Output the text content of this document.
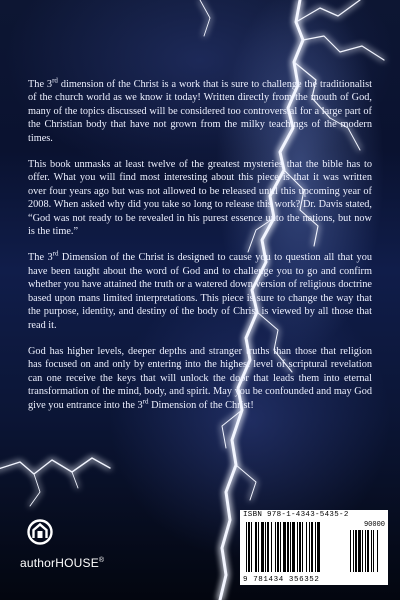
The 3rd dimension of the Christ is a work that is sure to challenge the traditionalist of the church world as we know it today! Written directly from the mouth of God, many of the topics discussed will be considered too controversial for a large part of the Christian body that have not grown from the milky teachings of the modern times.

This book unmasks at least twelve of the greatest mysteries that the bible has to offer. What you will find most interesting about this piece is that it was written over four years ago but was not allowed to be released until this upcoming year of 2008. When asked why did you take so long to release this work? Dr. Davis stated, “God was not ready to be revealed in his purest essence unto the nations, but now is the time.”

The 3rd Dimension of the Christ is designed to cause you to question all that you have been taught about the word of God and to challenge you to go and confirm whether you have attained the truth or a watered down version of religious doctrine based upon mans limited interpretations. This piece is sure to change the way that the purpose, identity, and destiny of the body of Christ is viewed by all those that read it.

God has higher levels, deeper depths and stranger truths than those that religion has focused on and only by entering into the highest level of scriptural revelation can one receive the keys that will unlock the door that leads them into eternal transformation of the mind, body, and spirit. May you be confounded and may God give you entrance into the 3rd Dimension of the Christ!

authorHOUSE®
ISBN 978-1-4343-5435-2
90000
9 781434 356352
